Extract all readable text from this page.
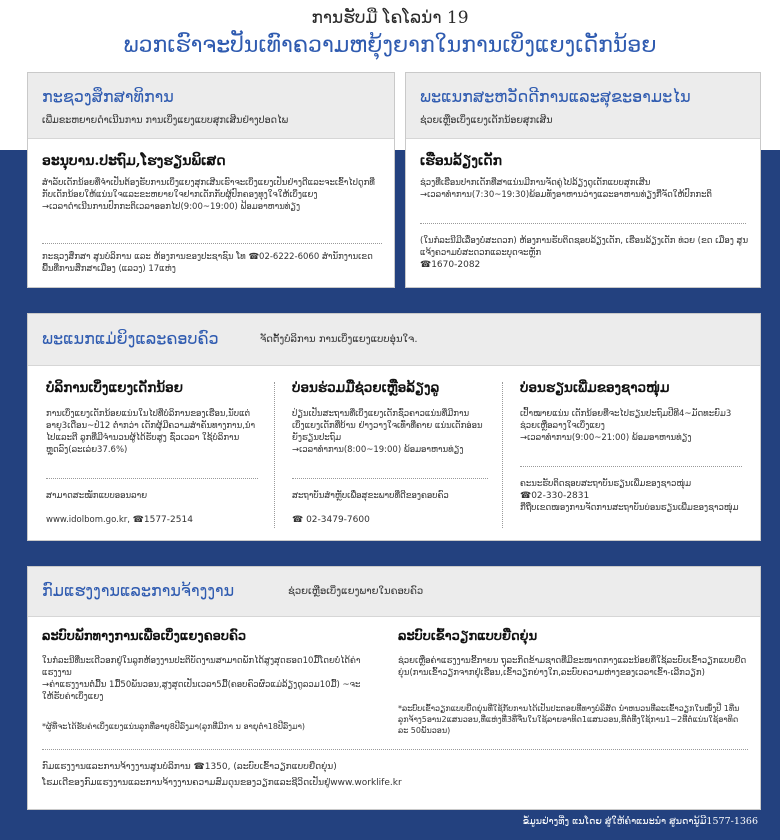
ການຮັບມື ໂຄໂລນ່າ 19
ພວກເຮົາຈະປັນເທົາຄວາມຫຍຸ້ງຍາກໃນການເບິ່ງແຍງເດັກນ້ອຍ
ກະຊວງສຶກສາທິການ
ເພີ່ມຂະຫຍາຍດຳເນີນການ ການເບິ່ງແຍງແບບສຸກເສີນຢ່າງປອດໄພ
ອະນຸບານ.ປະຖົມ,ໂຮງຮຽນພິເສດ
ສຳລັບເດັກນ້ອຍທີ່ຈຳເປັນຕ້ອງຮັບການເບິ່ງແຍງສຸກເສີນເຮົາຈະເບິ່ງແຍງເປັນຢ່າງດີແລະຈະເຂົ້າໄປດູກທີ່ກັບເດັກນ້ອຍໃຫ້ແນ່ນໃຈແລະຂະຫຍາຍໃຈຢາກເດັກກັບຜູ້ປົກຄອງທຸງໃຈໃຫ້ເບິ່ງແຍງ
→ເວລາດຳເນີນການປົກກະຕິເວລາອອກໄປ(9:00~19:00) ຟ້ອມອາຫານທ່ຽງ
ກະຊວງສຶກສາ ສູນບໍລິການ ແລະ ຫ້ອງການຂອງປະຊາຊົນ ໂທ ☎02-6222-6060 ສຳນັກງານເຂດພື້ນທີ່ການສຶກສາເມືອງ (ແລວງ) 17ແຫ່ງ
ພະແນກສະຫວັດດີການແລະສຸຂະອາມະໄນ
ຊ່ວຍເຫຼືອເບິ່ງແຍງເດັກນ້ອຍສຸກເສີນ
ເຮືອນລ້ຽງເດັກ
ຊ່ວງທີ່ເຮືອນປາກເດັກທີ່ສາແນ່ນມີການຈັດຄູ່ໄປລ້ຽງດູເດັກແບບສຸກເສີນ
→ເວລາທຳການ(7:30~19:30)ພ້ອມທັງອາຫານວ່າງແລະອາຫານທ່ຽງກີ່ຈັດໃຫ້ປົກກະຕິ
(ໃນກໍລະນີມີເລື່ອງບໍ່ສະດວກ) ຫ້ອງການຮັບຕິດຊອບລ້ຽງເດັກ, ເຮືອນລ້ຽງເດັກ ທ່ວຍ (ຂດ ເມືອງ ສູນແຈ້ງຄວາມບໍ່ສະດວກແລະບຸດຈະຫຼັກ
☎1670-2082
ພະແນກແມ່ຍິງແລະຄອບຄົວ	ຈັດຕັ້ງບໍລິການ ການເບິ່ງແຍງແບບອຸ່ນໃຈ.
ບໍລິການເບິ່ງແຍງເດັກນ້ອຍ
ການເບິ່ງແຍງເດັກນ້ອຍແນ່ນໃນໄປທີ່ບໍລິການຂອງເຮືອນ,ນັບແຕ່ອາຍຸ3ເດືອນ~ປໍ12 ຕ່ຳກວ່າ ເດັກຜູ້ມີຄວາມສຳຄັນທາງການ,ນຳໄປແລະຕີ ລູກທີ່ມີຈຳນວນຜູ້ໄດ້ຮັບສູງ ຊົ່ວເວລາ ໃຊ້ບໍລິການຫຼຸດລົງ(ລະເລ່ຍ37.6%)
ສາມາດສະໝັກແບບອອນລາຍ

www.idolbom.go.kr, ☎1577-2514
ບ່ອນຮ່ວມມືຊ່ວຍເຫຼືອລ້ຽງລູ
ປ່ຽນເປັນສະຖານທີ່ເບິ່ງແຍງເດັກຊົ່ວຄາວແນ່ນທີ່ມີການເບິ່ງແຍງເດັກທີ່ບ້ານ ຢ່າງວາງໃຈເທົ່າທີ່ຄາຍ ແນ່ນເດັກອ່ອນ ຍັງຮຽນປະຖົມ
→ເວລາທຳການ(8:00~19:00) ພ້ອມອາຫານທ່ຽງ
ສະຖາບັນສຳຫຼັບເພື່ອສຸຂະພາບທີ່ດີຂອງຄອບຄົວ

☎ 02-3479-7600
ບ່ອນຮຽນເພີ່ມຂອງຊາວໜຸ່ມ
ເປົ້າໝາຍແນ່ນ ເດັກນ້ອຍທີ່ຈະໄປຮຽນປະຖົມປີທີ4~ມັດທະຍົມ3 ຊ່ວຍເຫຼືອລາງໃຈເບິ່ງແຍງ
→ເວລາທຳການ(9:00~21:00) ພ້ອມອາຫານທ່ຽງ
ຄະນະຮັບຕິດຊອບສະຖາບັນຮຽນເພີ່ມຂອງຊາວໜຸ່ມ
☎02-330-2831
ກີ່ຖືບເຂດໜອງການຈັດການສະຖາບັນບ່ອນຮຽນເພີ່ມຂອງຊາວໜຸ່ມ
ກົມແຮງງານແລະການຈ້າງງານ	ຊ່ວຍເຫຼືອເບິ່ງແຍງພາຍໃນຄອບຄົວ
ລະບົບພັກທາງການເພື່ອເບິ່ງແຍງຄອບຄົວ
ໃນກໍລະນີທີ່ນະເດີວອກຢູ່ໃນລູກຫ້ອງງານປະຕິບັດງານສາມາດພັກໄດ້ສູງສຸດຮອດ10ມື້ໂດຍບໍ່ໄດ້ຄ່າແຮງງານ
→ຄ່າແຮງງານຕໍ່ມື້ນ 1ມື້50ພັນວອນ,ສູງສຸດເປັນເວລາ5ມື້(ຄອບຄົວຜົວແມ່ລ້ຽງດູລວມ10ມື້) ~ຈະໃຫ້ຮັບຄ່າເບິ່ງແຍງ
*ຜູ້ທີ່ຈະໄດ້ຮັບຄ່າເບິ່ງແຍງແນ່ນລູກທີ່ອາຍຸ8ປີລົງມາ(ລູກທີ່ມີກາ ນ ອາຍຸຕ່ຳ18ປີລົງມາ)
ລະບົບເຂົ້າວຽກແບບຍືດຍຸ່ນ
ຊ່ວຍເຫຼືອຄ່າແຮງງານຂີ້ກາຍນ ຖຸລະກິດຂ້າມຊາດທີ່ມີຂະໜາດກາງແລະນ້ອຍທີ່ໃຊ້ລະບົບເຂົ້າວຽກແບບຍືດຍຸ່ນ(ການເຂົ້າວຽກຈາກຢູ່ເຮືອນ,ເຂົ້າວຽກຍ່າງໃກ,ລະບົບຄວາມຫ່າງຂອງເວລາເຂົ້າ-ເລີກວຽກ)
*ລະບົບເຂົ້າວຽກແບບຍືດຍຸ່ນທີ່ໃຊ້ກັບການໄດ້ເປັນປະຕອຍທີ່ທາງບໍລິສັດ ນຳຫນວນທີ່ລະເຂົ້າວຽກໃນໜຶ່ງປີ 1ທີ່ນລູກຈ້າງ5ອານ2ແສນວອນ,ທີ່ແຫ່ງທີ່3ທີ່ຈີ່ນໃນໃຊ້ລາຍອາທິດ1ແສນວອນ,ທີ່ຕໍ່ທີ່ງໃຊ້ການ1~2ທີ່ຕໍ່ແນ່ນໃຊ້ອາທິດລະ 50ພັນວອນ)
ກົມແຮງງານແລະການຈ້າງງານສູນບໍລິການ ☎1350, (ລະບົບເຂົ້າວຽກແບບຍືດຍຸ່ນ)
ໂຮມເດີຂອງກົມແຮງງານແລະການຈ້າງງານຄວາມສົມດຸນຂອງວຽກແລະຊີວິດເປັນຢູ່www.worklife.kr
ຂໍ້ມູນຢ່າງທີ່ງ ແນໂດຍ ສູ່ໃຫ້ຄຳແນະນຳ ສູນດານູ້ມີ1577-1366
